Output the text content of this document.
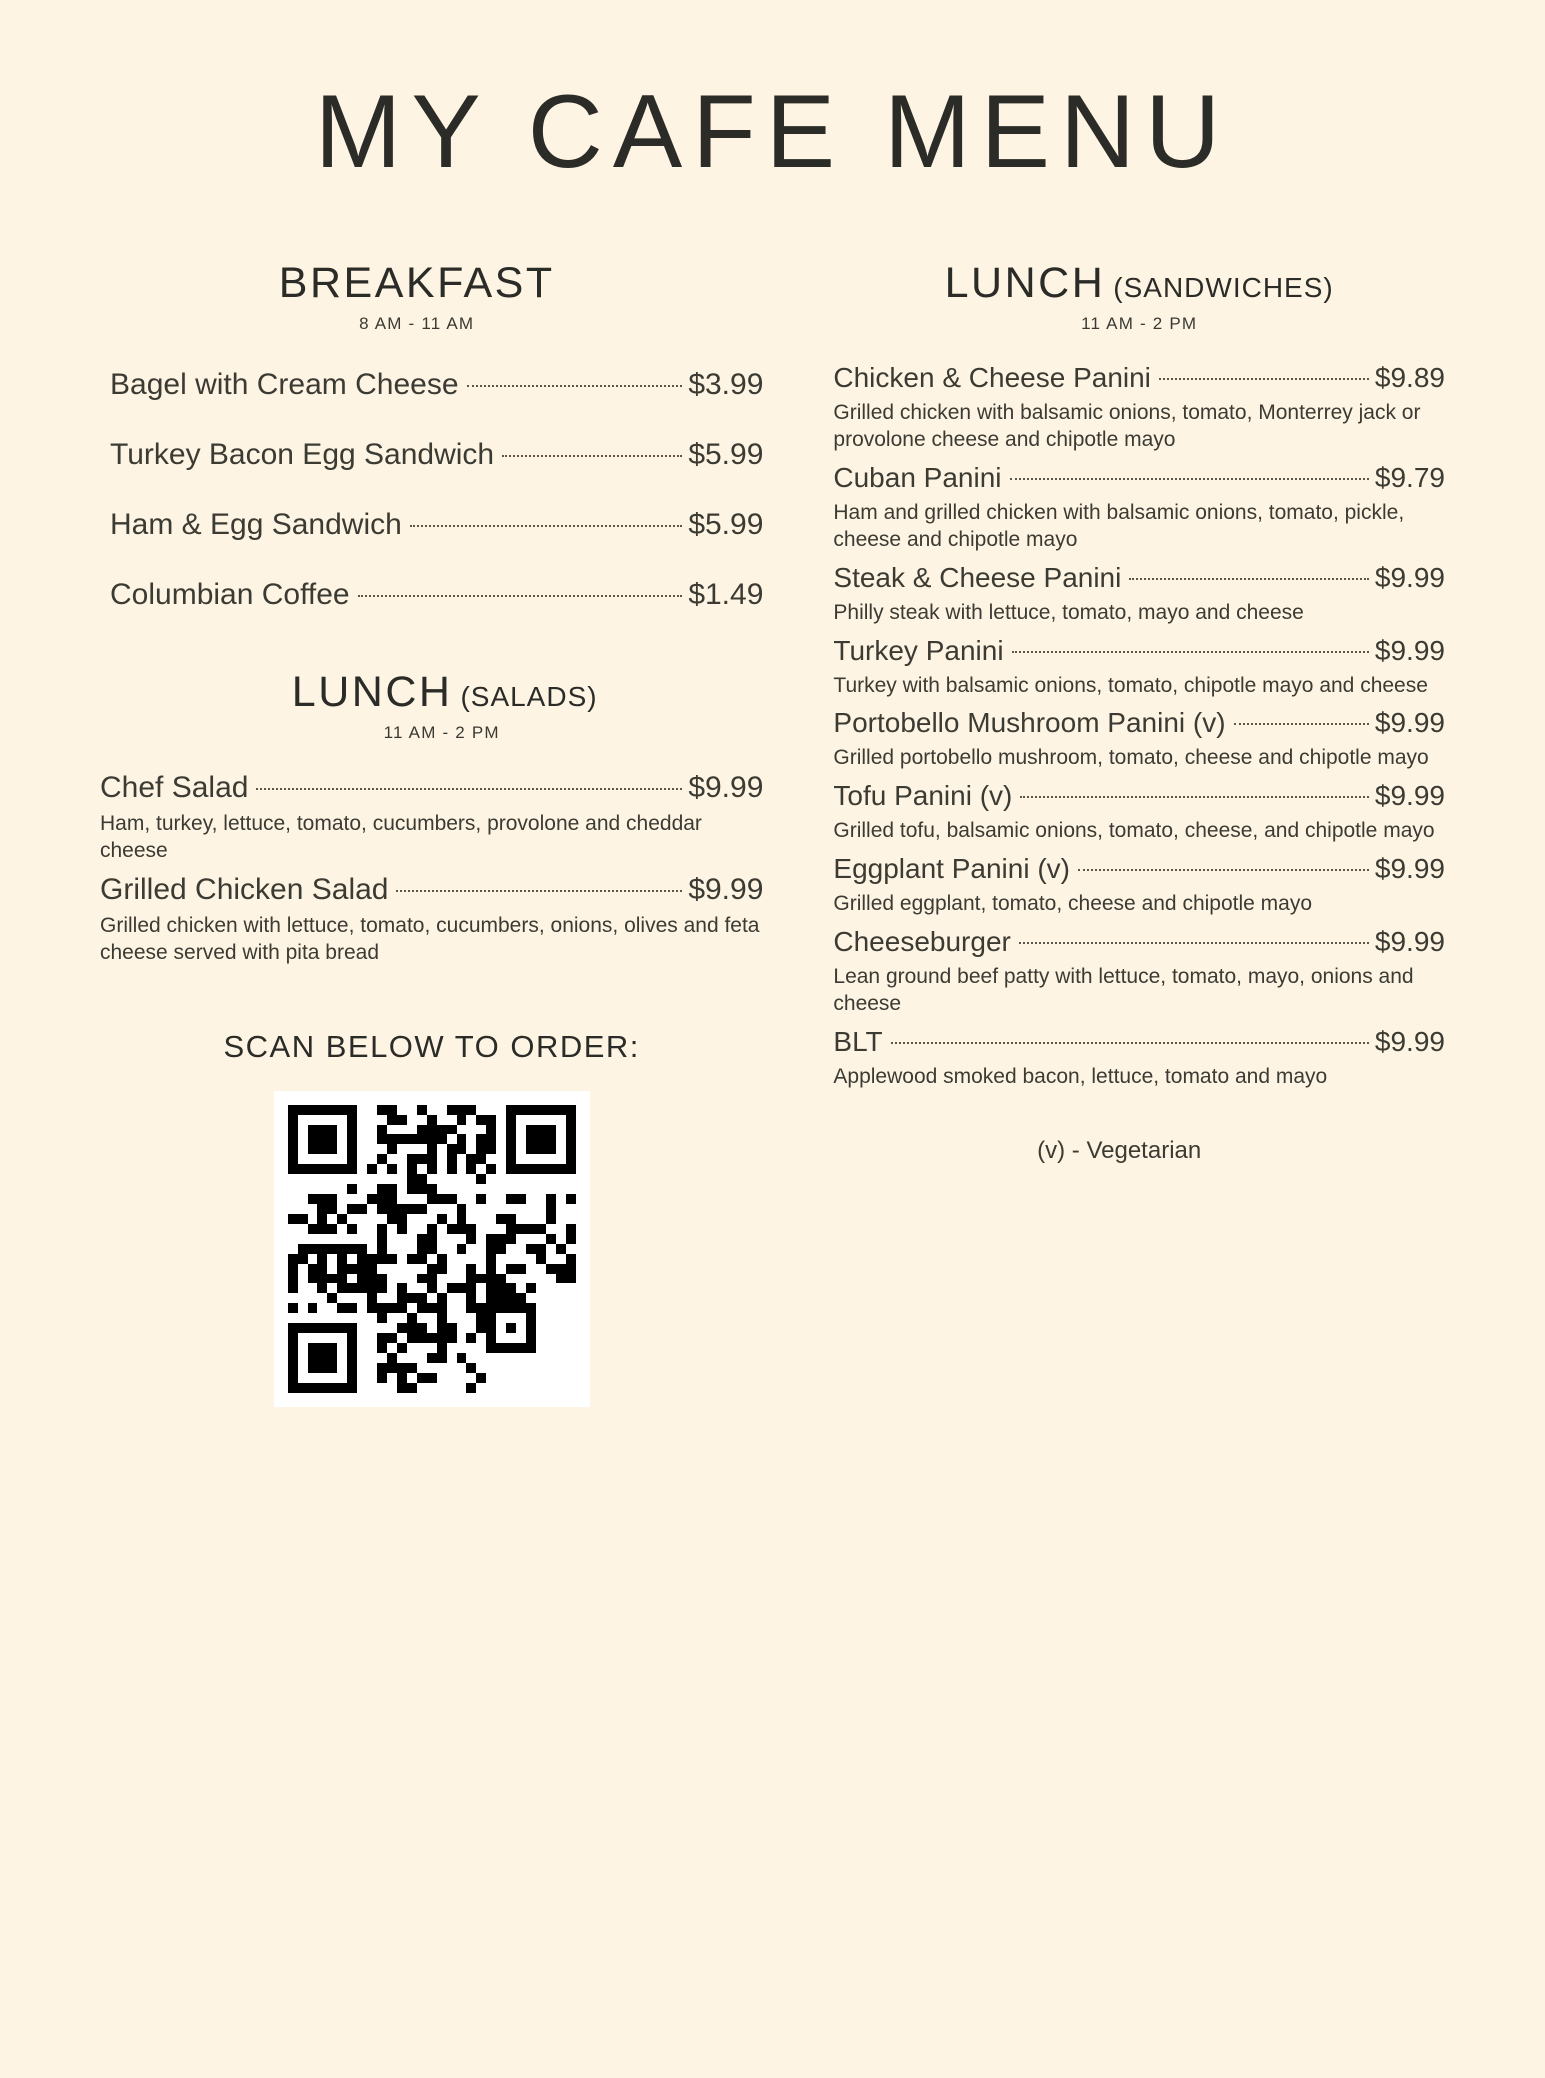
MY CAFE MENU
BREAKFAST
8 AM - 11 AM
Bagel with Cream Cheese	$3.99
Turkey Bacon Egg Sandwich	$5.99
Ham & Egg Sandwich	$5.99
Columbian Coffee	$1.49
LUNCH (SALADS)
11 AM - 2 PM
Chef Salad	$9.99
Ham, turkey, lettuce, tomato, cucumbers, provolone and cheddar cheese
Grilled Chicken Salad	$9.99
Grilled chicken with lettuce, tomato, cucumbers, onions, olives and feta cheese served with pita bread
SCAN BELOW TO ORDER:
LUNCH (SANDWICHES)
11 AM - 2 PM
Chicken & Cheese Panini	$9.89
Grilled chicken with balsamic onions, tomato, Monterrey jack or provolone cheese and chipotle mayo
Cuban Panini	$9.79
Ham and grilled chicken with balsamic onions, tomato, pickle, cheese and chipotle mayo
Steak & Cheese Panini	$9.99
Philly steak with lettuce, tomato, mayo and cheese
Turkey Panini	$9.99
Turkey with balsamic onions, tomato, chipotle mayo and cheese
Portobello Mushroom Panini (v)	$9.99
Grilled portobello mushroom, tomato, cheese and chipotle mayo
Tofu Panini (v)	$9.99
Grilled tofu, balsamic onions, tomato, cheese, and chipotle mayo
Eggplant Panini (v)	$9.99
Grilled eggplant, tomato, cheese and chipotle mayo
Cheeseburger	$9.99
Lean ground beef patty with lettuce, tomato, mayo, onions and cheese
BLT	$9.99
Applewood smoked bacon, lettuce, tomato and mayo
(v) - Vegetarian
